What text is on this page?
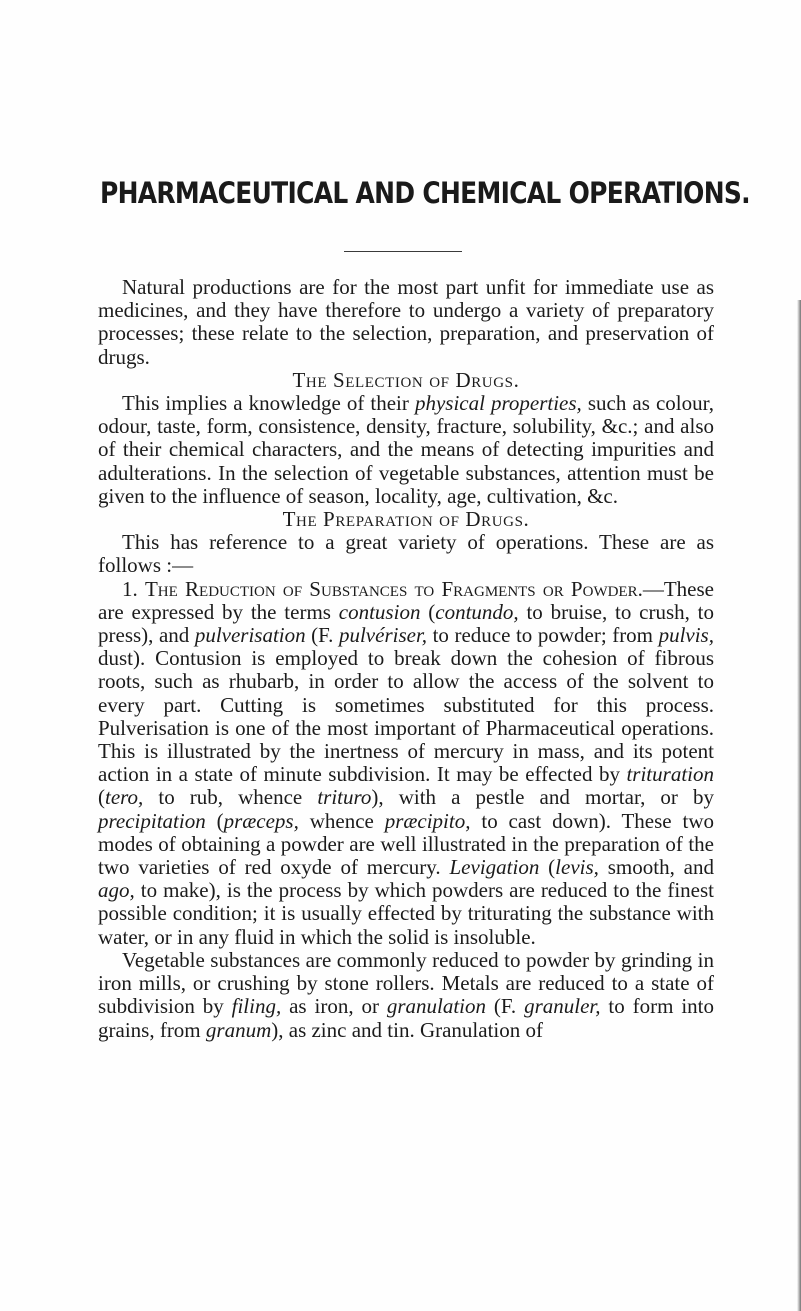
PHARMACEUTICAL AND CHEMICAL OPERATIONS.

Natural productions are for the most part unfit for immediate use as medicines, and they have therefore to undergo a variety of preparatory processes; these relate to the selection, preparation, and preservation of drugs.

The Selection of Drugs.

This implies a knowledge of their physical properties, such as colour, odour, taste, form, consistence, density, fracture, solubility, &c.; and also of their chemical characters, and the means of detecting impurities and adulterations. In the selection of vegetable substances, attention must be given to the influence of season, locality, age, cultivation, &c.

The Preparation of Drugs.

This has reference to a great variety of operations. These are as follows :—

1. The Reduction of Substances to Fragments or Powder.—These are expressed by the terms contusion (contundo, to bruise, to crush, to press), and pulverisation (F. pulvériser, to reduce to powder; from pulvis, dust). Contusion is employed to break down the cohesion of fibrous roots, such as rhubarb, in order to allow the access of the solvent to every part. Cutting is sometimes substituted for this process. Pulverisation is one of the most important of Pharmaceutical operations. This is illustrated by the inertness of mercury in mass, and its potent action in a state of minute subdivision. It may be effected by trituration (tero, to rub, whence trituro), with a pestle and mortar, or by precipitation (præceps, whence præcipito, to cast down). These two modes of obtaining a powder are well illustrated in the preparation of the two varieties of red oxyde of mercury. Levigation (levis, smooth, and ago, to make), is the process by which powders are reduced to the finest possible condition; it is usually effected by triturating the substance with water, or in any fluid in which the solid is insoluble.

Vegetable substances are commonly reduced to powder by grinding in iron mills, or crushing by stone rollers. Metals are reduced to a state of subdivision by filing, as iron, or granulation (F. granuler, to form into grains, from granum), as zinc and tin. Granulation of
